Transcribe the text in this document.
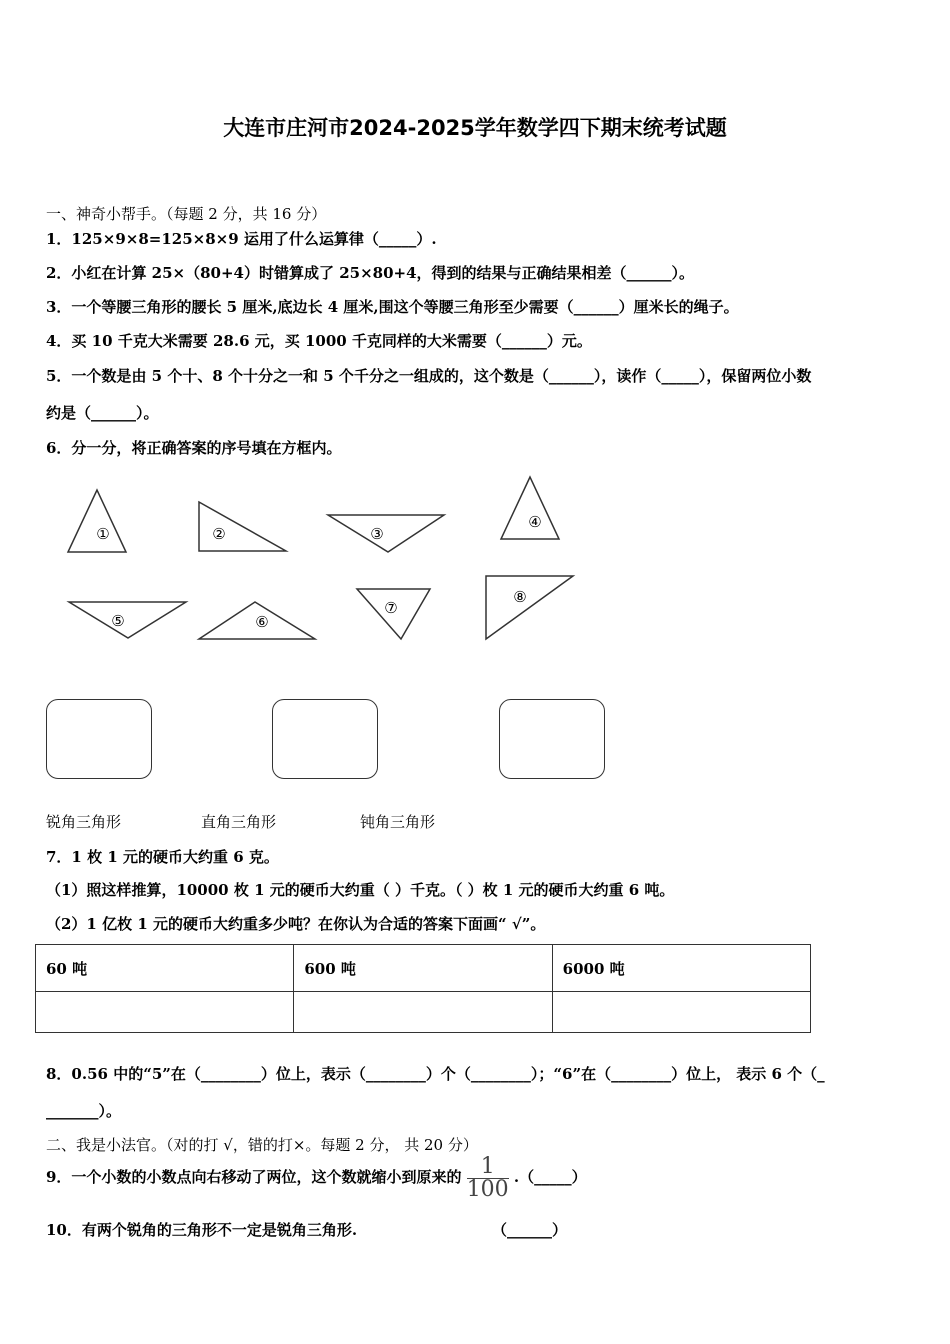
大连市庄河市2024-2025学年数学四下期末统考试题
一、神奇小帮手。（每题 2 分，共 16 分）
1．125×9×8=125×8×9 运用了什么运算律（_____）.
2．小红在计算 25×（80+4）时错算成了 25×80+4，得到的结果与正确结果相差（______）。
3．一个等腰三角形的腰长 5 厘米,底边长 4 厘米,围这个等腰三角形至少需要（______）厘米长的绳子。
4．买 10 千克大米需要 28.6 元，买 1000 千克同样的大米需要（______）元。
5．一个数是由 5 个十、8 个十分之一和 5 个千分之一组成的，这个数是（______），读作（_____），保留两位小数
约是（______）。
6．分一分，将正确答案的序号填在方框内。
①	②	③
④
⑤	⑥
⑦
⑧
锐角三角形	直角三角形	钝角三角形
7．1 枚 1 元的硬币大约重 6 克。
（1）照这样推算，10000 枚 1 元的硬币大约重（ ）千克。（ ）枚 1 元的硬币大约重 6 吨。
（2）1 亿枚 1 元的硬币大约重多少吨？在你认为合适的答案下面画“ √”。
60 吨	600 吨	6000 吨

8．0.56 中的“5”在（________）位上，表示（________）个（________）；“6”在（________）位上， 表示 6 个（_
_______）。
二、我是小法官。（对的打 √，错的打×。每题 2 分， 共 20 分）
9．一个小数的小数点向右移动了两位，这个数就缩小到原来的 $\frac{1}{100}$ .（_____）
10．有两个锐角的三角形不一定是锐角三角形.	（______）
